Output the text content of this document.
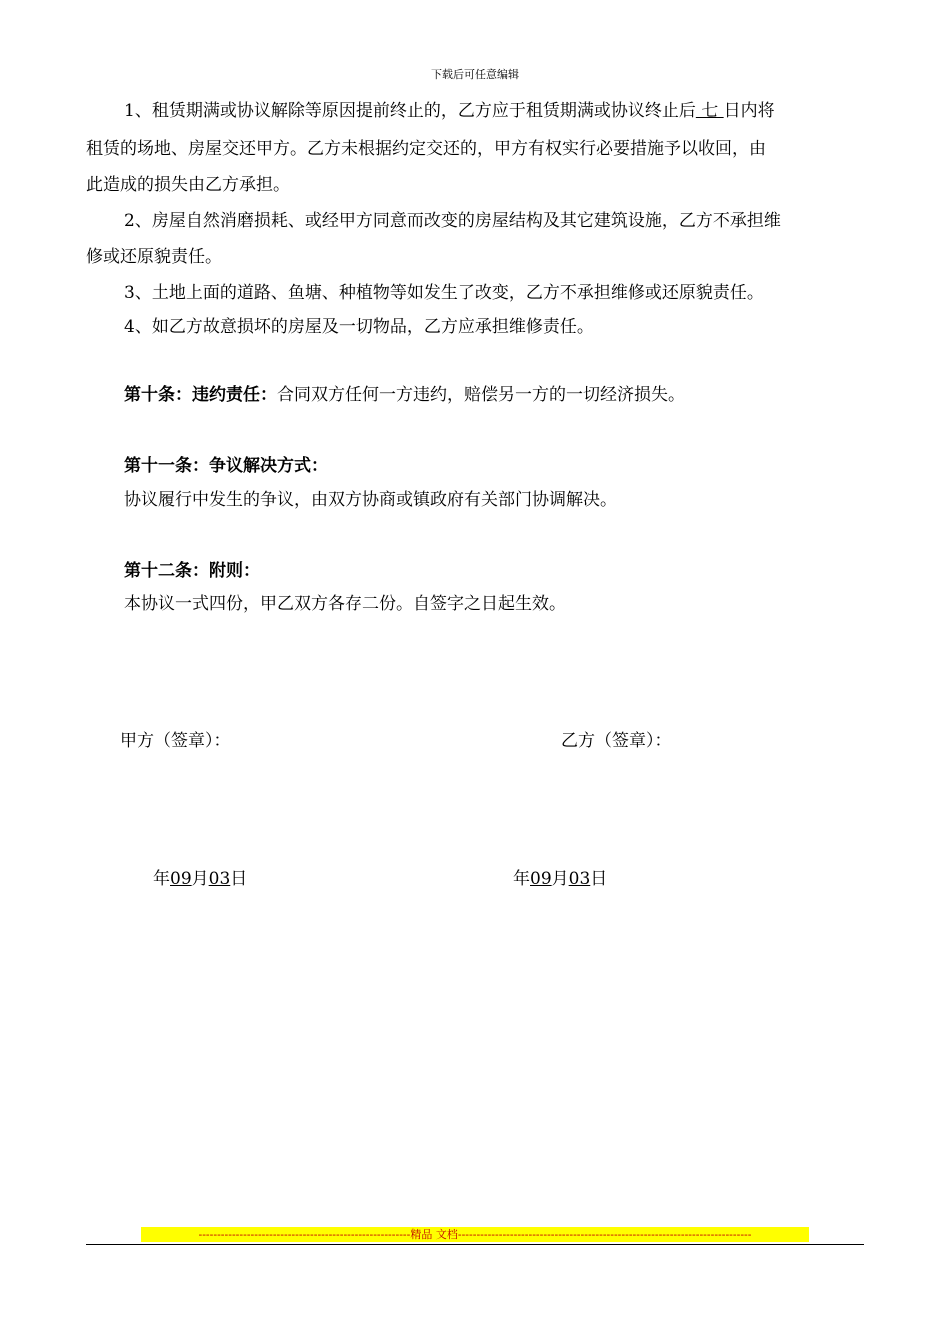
下载后可任意编辑
1、租赁期满或协议解除等原因提前终止的，乙方应于租赁期满或协议终止后 七 日内将
租赁的场地、房屋交还甲方。乙方未根据约定交还的，甲方有权实行必要措施予以收回，由
此造成的损失由乙方承担。
2、房屋自然消磨损耗、或经甲方同意而改变的房屋结构及其它建筑设施，乙方不承担维
修或还原貌责任。
3、土地上面的道路、鱼塘、种植物等如发生了改变，乙方不承担维修或还原貌责任。
4、如乙方故意损坏的房屋及一切物品，乙方应承担维修责任。
第十条：违约责任：合同双方任何一方违约，赔偿另一方的一切经济损失。
第十一条：争议解决方式：
协议履行中发生的争议，由双方协商或镇政府有关部门协调解决。
第十二条：附则：
本协议一式四份，甲乙双方各存二份。自签字之日起生效。
甲方（签章）：	乙方（签章）：
年09月03日	年09月03日
---------------------------------------------------------精品 文档-------------------------------------------------------------------------------
